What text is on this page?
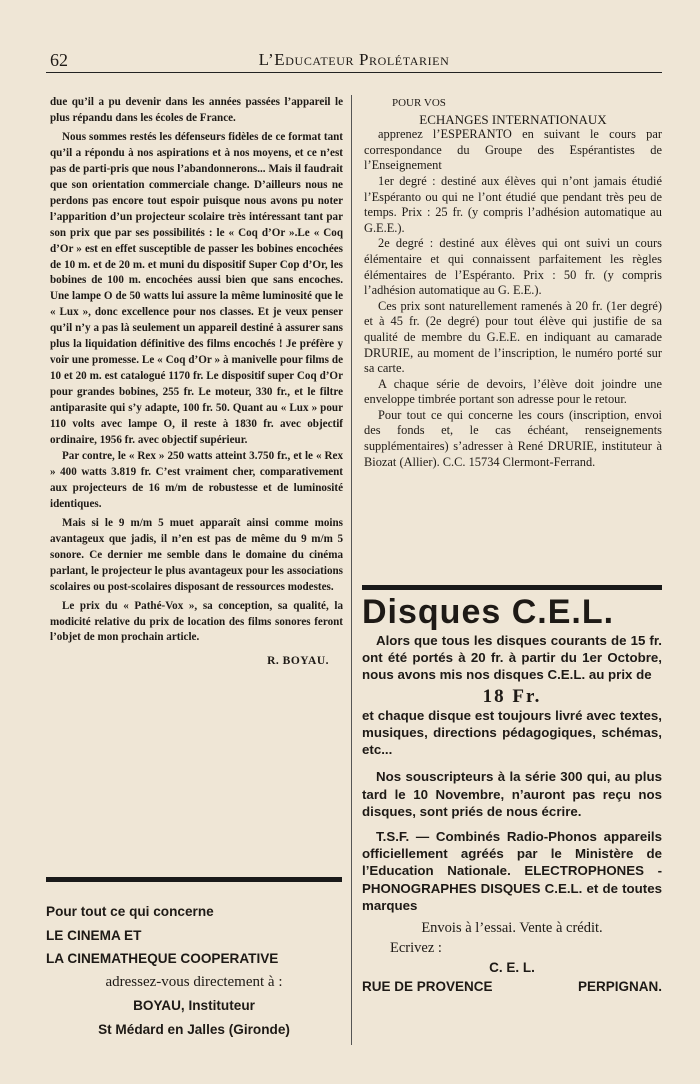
62	L’Educateur Prolétarien

due qu’il a pu devenir dans les années passées l’appareil le plus répandu dans les écoles de France.

Nous sommes restés les défenseurs fidèles de ce format tant qu’il a répondu à nos aspirations et à nos moyens, et ce n’est pas de parti-pris que nous l’abandonnerons... Mais il faudrait que son orientation commerciale change. D’ailleurs nous ne perdons pas encore tout espoir puisque nous avons pu noter l’apparition d’un projecteur scolaire très intéressant tant par son prix que par ses possibilités : le « Coq d’Or ».Le « Coq d’Or » est en effet susceptible de passer les bobines encochées de 10 m. et de 20 m. et muni du dispositif Super Cop d’Or, les bobines de 100 m. encochées aussi bien que sans encoches. Une lampe O de 50 watts lui assure la même luminosité que le « Lux », donc excellence pour nos classes. Et je veux penser qu’il n’y a pas là seulement un appareil destiné à assurer sans plus la liquidation définitive des films encochés ! Je préfère y voir une promesse. Le « Coq d’Or » à manivelle pour films de 10 et 20 m. est catalogué 1170 fr. Le dispositif super Coq d’Or pour grandes bobines, 255 fr. Le moteur, 330 fr., et le filtre antiparasite qui s’y adapte, 100 fr. 50. Quant au « Lux » pour 110 volts avec lampe O, il reste à 1830 fr. avec objectif ordinaire, 1956 fr. avec objectif supérieur.

Par contre, le « Rex » 250 watts atteint 3.750 fr., et le « Rex » 400 watts 3.819 fr. C’est vraiment cher, comparativement aux projecteurs de 16 m/m de robustesse et de luminosité identiques.

Mais si le 9 m/m 5 muet apparaît ainsi comme moins avantageux que jadis, il n’en est pas de même du 9 m/m 5 sonore. Ce dernier me semble dans le domaine du cinéma parlant, le projecteur le plus avantageux pour les associations scolaires ou post-scolaires disposant de ressources modestes.

Le prix du « Pathé-Vox », sa conception, sa qualité, la modicité relative du prix de location des films sonores feront l’objet de mon prochain article.

R. BOYAU.
Pour tout ce qui concerne
LE CINEMA ET
LA CINEMATHEQUE COOPERATIVE
adressez-vous directement à :
BOYAU, Instituteur
St Médard en Jalles (Gironde)

POUR VOS

ECHANGES INTERNATIONAUX

apprenez l’ESPERANTO en suivant le cours par correspondance du Groupe des Espérantistes de l’Enseignement

1er degré : destiné aux élèves qui n’ont jamais étudié l’Espéranto ou qui ne l’ont étudié que pendant très peu de temps. Prix : 25 fr. (y compris l’adhésion automatique au G.E.E.).

2e degré : destiné aux élèves qui ont suivi un cours élémentaire et qui connaissent parfaitement les règles élémentaires de l’Espéranto. Prix : 50 fr. (y compris l’adhésion automatique au G. E.E.).

Ces prix sont naturellement ramenés à 20 fr. (1er degré) et à 45 fr. (2e degré) pour tout élève qui justifie de sa qualité de membre du G.E.E. en indiquant au camarade DRURIE, au moment de l’inscription, le numéro porté sur sa carte.

A chaque série de devoirs, l’élève doit joindre une enveloppe timbrée portant son adresse pour le retour.

Pour tout ce qui concerne les cours (inscription, envoi des fonds et, le cas échéant, renseignements supplémentaires) s’adresser à René DRURIE, instituteur à Biozat (Allier). C.C. 15734 Clermont-Ferrand.

Disques C.E.L.

Alors que tous les disques courants de 15 fr. ont été portés à 20 fr. à partir du 1er Octobre, nous avons mis nos disques C.E.L. au prix de

18 Fr.

et chaque disque est toujours livré avec textes, musiques, directions pédagogiques, schémas, etc...

Nos souscripteurs à la série 300 qui, au plus tard le 10 Novembre, n’auront pas reçu nos disques, sont priés de nous écrire.

T.S.F. — Combinés Radio-Phonos appareils officiellement agréés par le Ministère de l’Education Nationale. ELECTROPHONES - PHONOGRAPHES DISQUES C.E.L. et de toutes marques

Envois à l’essai. Vente à crédit.
Ecrivez :
C. E. L.
RUE DE PROVENCE	PERPIGNAN.
